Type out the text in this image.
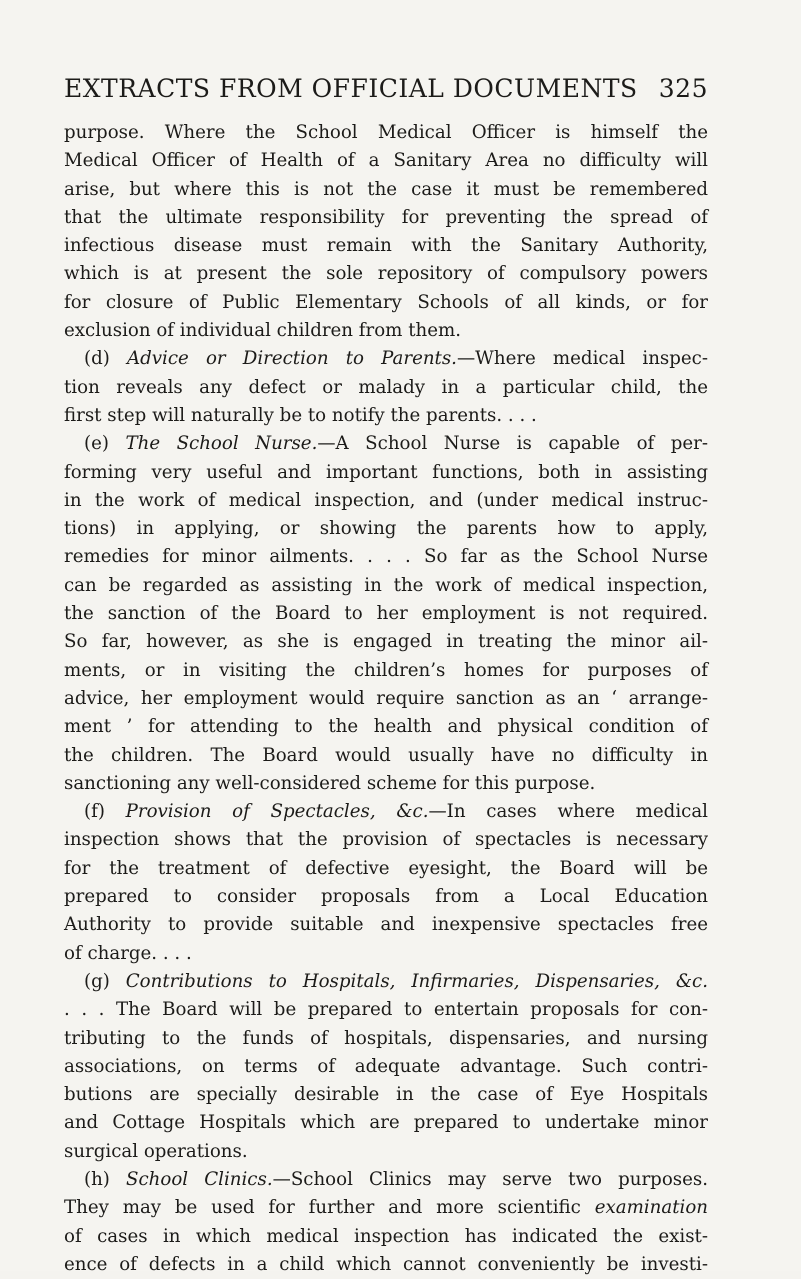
EXTRACTS FROM OFFICIAL DOCUMENTS 325
purpose. Where the School Medical Officer is himself the
Medical Officer of Health of a Sanitary Area no difficulty will
arise, but where this is not the case it must be remembered
that the ultimate responsibility for preventing the spread of
infectious disease must remain with the Sanitary Authority,
which is at present the sole repository of compulsory powers
for closure of Public Elementary Schools of all kinds, or for
exclusion of individual children from them.
(d) Advice or Direction to Parents.—Where medical inspec-
tion reveals any defect or malady in a particular child, the
first step will naturally be to notify the parents. . . .
(e) The School Nurse.—A School Nurse is capable of per-
forming very useful and important functions, both in assisting
in the work of medical inspection, and (under medical instruc-
tions) in applying, or showing the parents how to apply,
remedies for minor ailments. . . . So far as the School Nurse
can be regarded as assisting in the work of medical inspection,
the sanction of the Board to her employment is not required.
So far, however, as she is engaged in treating the minor ail-
ments, or in visiting the children’s homes for purposes of
advice, her employment would require sanction as an ‘ arrange-
ment ’ for attending to the health and physical condition of
the children. The Board would usually have no difficulty in
sanctioning any well-considered scheme for this purpose.
(f) Provision of Spectacles, &c.—In cases where medical
inspection shows that the provision of spectacles is necessary
for the treatment of defective eyesight, the Board will be
prepared to consider proposals from a Local Education
Authority to provide suitable and inexpensive spectacles free
of charge. . . .
(g) Contributions to Hospitals, Infirmaries, Dispensaries, &c.
. . . The Board will be prepared to entertain proposals for con-
tributing to the funds of hospitals, dispensaries, and nursing
associations, on terms of adequate advantage. Such contri-
butions are specially desirable in the case of Eye Hospitals
and Cottage Hospitals which are prepared to undertake minor
surgical operations.
(h) School Clinics.—School Clinics may serve two purposes.
They may be used for further and more scientific examination
of cases in which medical inspection has indicated the exist-
ence of defects in a child which cannot conveniently be investi-
